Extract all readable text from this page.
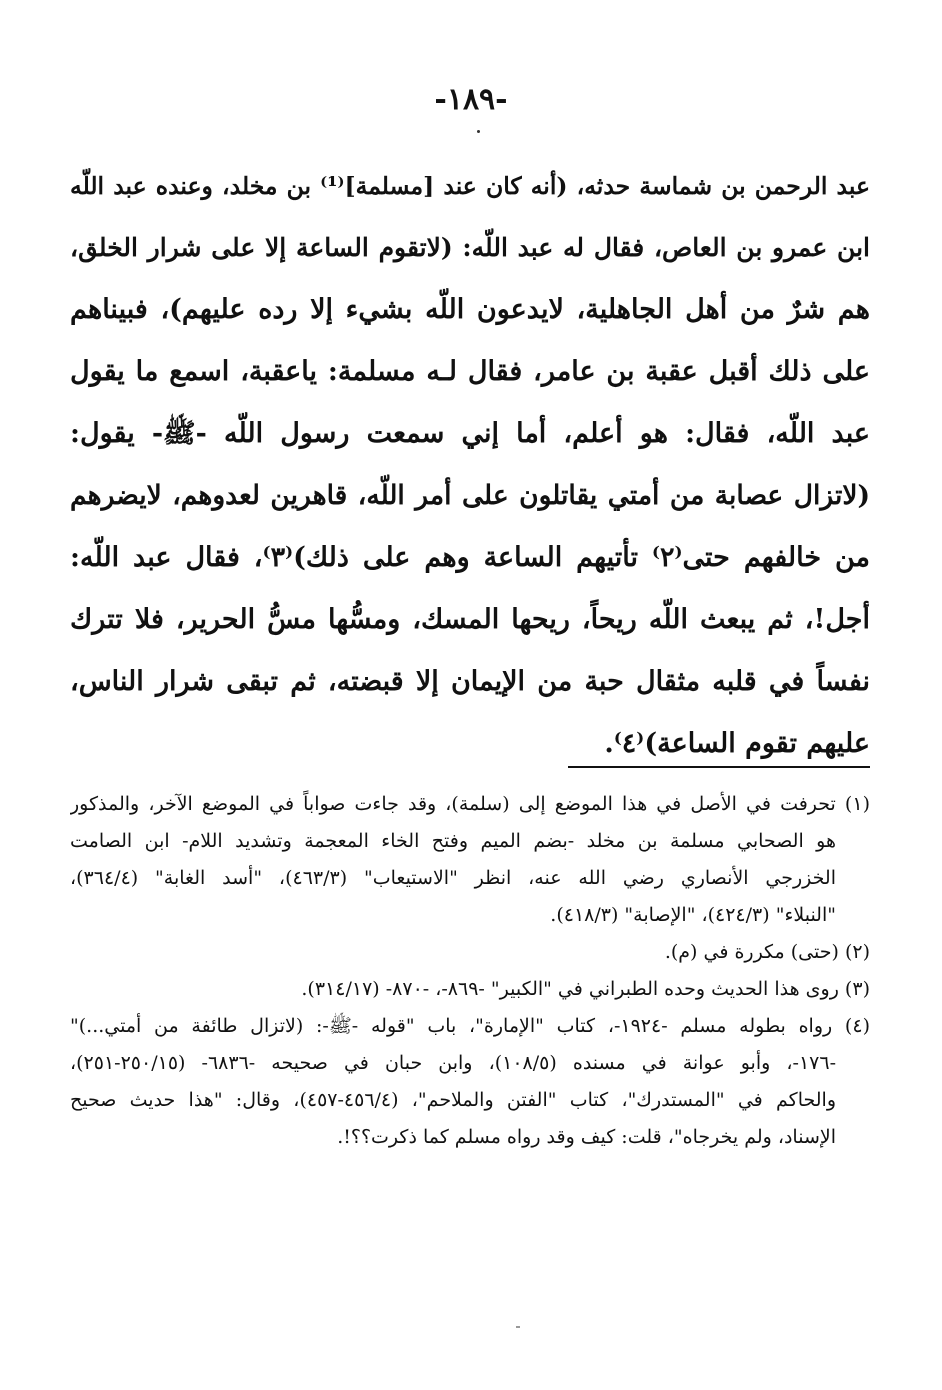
-١٨٩-
عبد الرحمن بن شماسة حدثه، (أنه كان عند [مسلمة]⁽¹⁾ بن مخلد، وعنده عبد اللّه
ابن عمرو بن العاص، فقال له عبد اللّه: (لاتقوم الساعة إلا على شرار الخلق،
هم شرٌ من أهل الجاهلية، لايدعون اللّه بشيء إلا رده عليهم)، فبيناهم
على ذلك أقبل عقبة بن عامر، فقال لـه مسلمة: ياعقبة، اسمع ما يقول
عبد اللّه، فقال: هو أعلم، أما إني سمعت رسول اللّه -ﷺ- يقول:
(لاتزال عصابة من أمتي يقاتلون على أمر اللّه، قاهرين لعدوهم، لايضرهم
من خالفهم حتى⁽٢⁾ تأتيهم الساعة وهم على ذلك)⁽٣⁾، فقال عبد اللّه:
أجل!، ثم يبعث اللّه ريحاً، ريحها المسك، ومسُّها مسُّ الحرير، فلا تترك
نفساً في قلبه مثقال حبة من الإيمان إلا قبضته، ثم تبقى شرار الناس،
عليهم تقوم الساعة)⁽٤⁾.
(١) تحرفت في الأصل في هذا الموضع إلى (سلمة)، وقد جاءت صواباً في الموضع الآخر، والمذكور
هو الصحابي مسلمة بن مخلد -بضم الميم وفتح الخاء المعجمة وتشديد اللام- ابن الصامت
الخزرجي الأنصاري رضي الله عنه، انظر "الاستيعاب" (٤٦٣/٣)، "أسد الغابة" (٣٦٤/٤)،
"النبلاء" (٤٢٤/٣)، "الإصابة" (٤١٨/٣).
(٢) (حتى) مكررة في (م).
(٣) روى هذا الحديث وحده الطبراني في "الكبير" -٨٦٩-، -٨٧٠- (٣١٤/١٧).
(٤) رواه بطوله مسلم -١٩٢٤-، كتاب "الإمارة"، باب "قوله -ﷺ-: (لاتزال طائفة من أمتي...)"
-١٧٦-، وأبو عوانة في مسنده (١٠٨/٥)، وابن حبان في صحيحه -٦٨٣٦- (٢٥٠/١٥-٢٥١)،
والحاكم في "المستدرك"، كتاب "الفتن والملاحم"، (٤٥٦/٤-٤٥٧)، وقال: "هذا حديث صحيح
الإسناد، ولم يخرجاه"، قلت: كيف وقد رواه مسلم كما ذكرت؟؟!.
